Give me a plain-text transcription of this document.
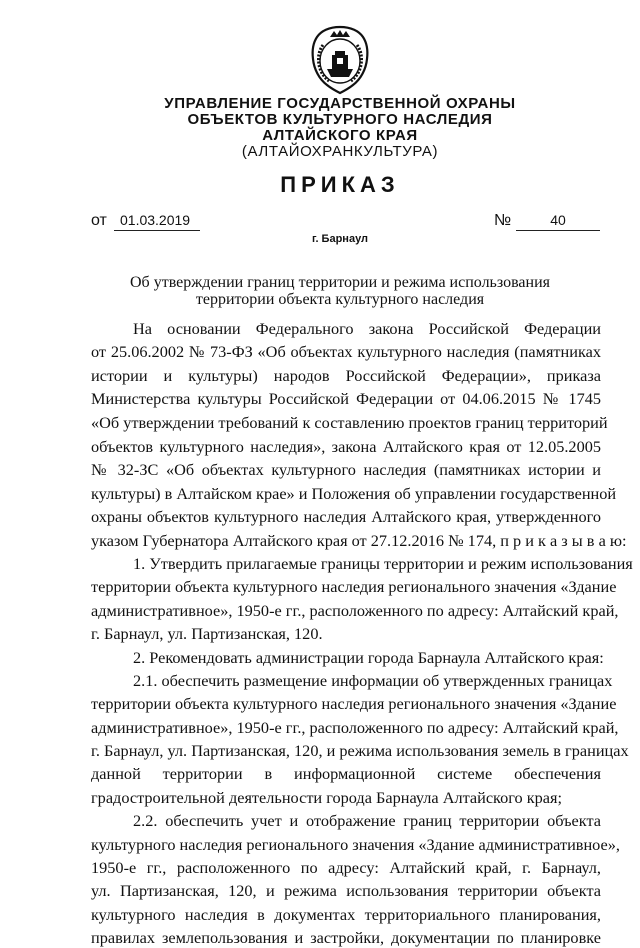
УПРАВЛЕНИЕ ГОСУДАРСТВЕННОЙ ОХРАНЫ
ОБЪЕКТОВ КУЛЬТУРНОГО НАСЛЕДИЯ
АЛТАЙСКОГО КРАЯ
(АЛТАЙОХРАНКУЛЬТУРА)
ПРИКАЗ
от 01.03.2019	№	40
г. Барнаул
Об утверждении границ территории и режима использования
территории объекта культурного наследия
На основании Федерального закона Российской Федерации
от 25.06.2002 № 73-ФЗ «Об объектах культурного наследия (памятниках
истории и культуры) народов Российской Федерации», приказа
Министерства культуры Российской Федерации от 04.06.2015 № 1745
«Об утверждении требований к составлению проектов границ территорий
объектов культурного наследия», закона Алтайского края от 12.05.2005
№ 32-ЗС «Об объектах культурного наследия (памятниках истории и
культуры) в Алтайском крае» и Положения об управлении государственной
охраны объектов культурного наследия Алтайского края, утвержденного
указом Губернатора Алтайского края от 27.12.2016 № 174, п р и к а з ы в а ю:
1. Утвердить прилагаемые границы территории и режим использования
территории объекта культурного наследия регионального значения «Здание
административное», 1950-е гг., расположенного по адресу: Алтайский край,
г. Барнаул, ул. Партизанская, 120.
2. Рекомендовать администрации города Барнаула Алтайского края:
2.1. обеспечить размещение информации об утвержденных границах
территории объекта культурного наследия регионального значения «Здание
административное», 1950-е гг., расположенного по адресу: Алтайский край,
г. Барнаул, ул. Партизанская, 120, и режима использования земель в границах
данной территории в информационной системе обеспечения
градостроительной деятельности города Барнаула Алтайского края;
2.2. обеспечить учет и отображение границ территории объекта
культурного наследия регионального значения «Здание административное»,
1950-е гг., расположенного по адресу: Алтайский край, г. Барнаул,
ул. Партизанская, 120, и режима использования территории объекта
культурного наследия в документах территориального планирования,
правилах землепользования и застройки, документации по планировке
